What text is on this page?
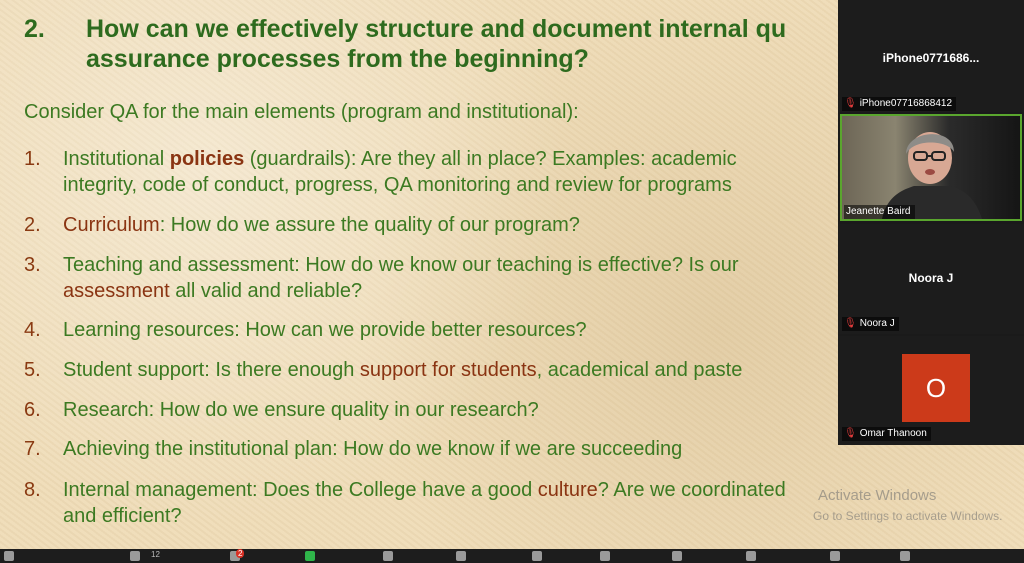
2. How can we effectively structure and document internal qu
assurance processes from the beginning?
Consider QA for the main elements (program and institutional):
1. Institutional policies (guardrails): Are they all in place? Examples: academic
integrity, code of conduct, progress, QA monitoring and review for programs
2. Curriculum: How do we assure the quality of our program?
3. Teaching and assessment: How do we know our teaching is effective? Is our
assessment all valid and reliable?
4. Learning resources: How can we provide better resources?
5. Student support: Is there enough support for students, academical and paste
6. Research: How do we ensure quality in our research?
7. Achieving the institutional plan: How do we know if we are succeeding
8. Internal management: Does the College have a good culture? Are we coordinated
and efficient?
Activate Windows
Go to Settings to activate Windows.
iPhone0771686...
🎙 iPhone07716868412
Jeanette Baird
Noora J
🎙 Noora J
🎙 Omar Thanoon
O
12	2
